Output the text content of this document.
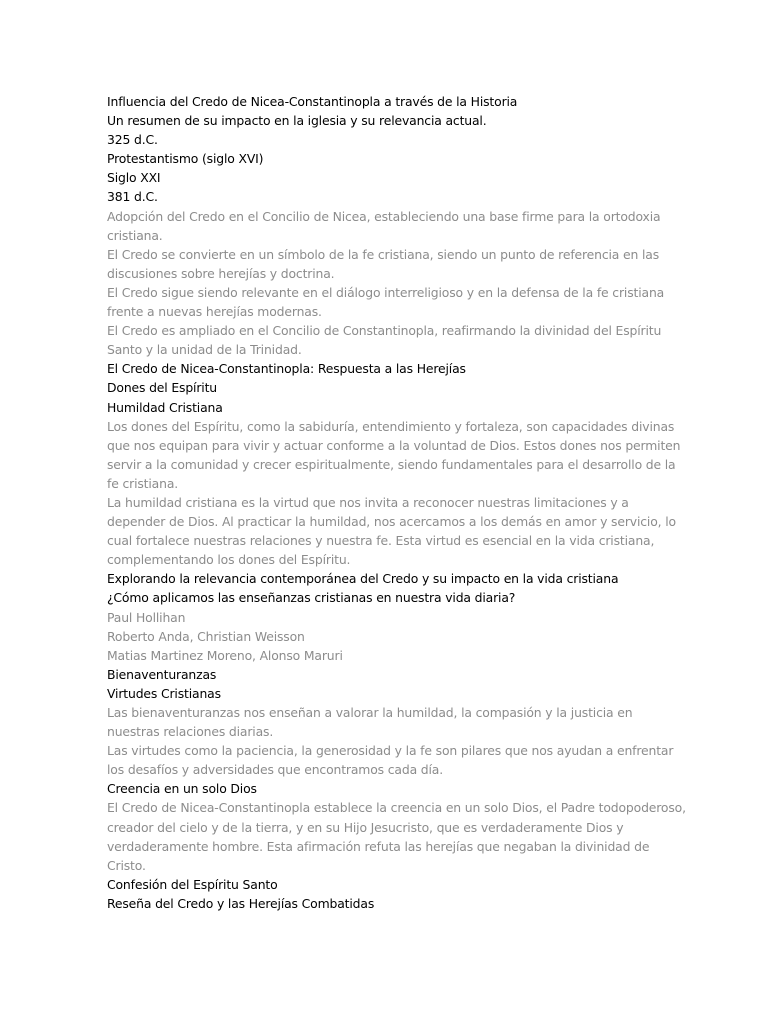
Influencia del Credo de Nicea-Constantinopla a través de la Historia

Un resumen de su impacto en la iglesia y su relevancia actual.

325 d.C.

Protestantismo (siglo XVI)

Siglo XXI

381 d.C.

Adopción del Credo en el Concilio de Nicea, estableciendo una base firme para la ortodoxia cristiana.

El Credo se convierte en un símbolo de la fe cristiana, siendo un punto de referencia en las discusiones sobre herejías y doctrina.

El Credo sigue siendo relevante en el diálogo interreligioso y en la defensa de la fe cristiana frente a nuevas herejías modernas.

El Credo es ampliado en el Concilio de Constantinopla, reafirmando la divinidad del Espíritu Santo y la unidad de la Trinidad.

El Credo de Nicea-Constantinopla: Respuesta a las Herejías

Dones del Espíritu

Humildad Cristiana

Los dones del Espíritu, como la sabiduría, entendimiento y fortaleza, son capacidades divinas que nos equipan para vivir y actuar conforme a la voluntad de Dios. Estos dones nos permiten servir a la comunidad y crecer espiritualmente, siendo fundamentales para el desarrollo de la fe cristiana.

La humildad cristiana es la virtud que nos invita a reconocer nuestras limitaciones y a depender de Dios. Al practicar la humildad, nos acercamos a los demás en amor y servicio, lo cual fortalece nuestras relaciones y nuestra fe. Esta virtud es esencial en la vida cristiana, complementando los dones del Espíritu.

Explorando la relevancia contemporánea del Credo y su impacto en la vida cristiana

¿Cómo aplicamos las enseñanzas cristianas en nuestra vida diaria?

Paul Hollihan

Roberto Anda, Christian Weisson

Matias Martinez Moreno, Alonso Maruri

Bienaventuranzas

Virtudes Cristianas

Las bienaventuranzas nos enseñan a valorar la humildad, la compasión y la justicia en nuestras relaciones diarias.

Las virtudes como la paciencia, la generosidad y la fe son pilares que nos ayudan a enfrentar los desafíos y adversidades que encontramos cada día.

Creencia en un solo Dios

El Credo de Nicea-Constantinopla establece la creencia en un solo Dios, el Padre todopoderoso, creador del cielo y de la tierra, y en su Hijo Jesucristo, que es verdaderamente Dios y verdaderamente hombre. Esta afirmación refuta las herejías que negaban la divinidad de Cristo.

Confesión del Espíritu Santo

Reseña del Credo y las Herejías Combatidas
